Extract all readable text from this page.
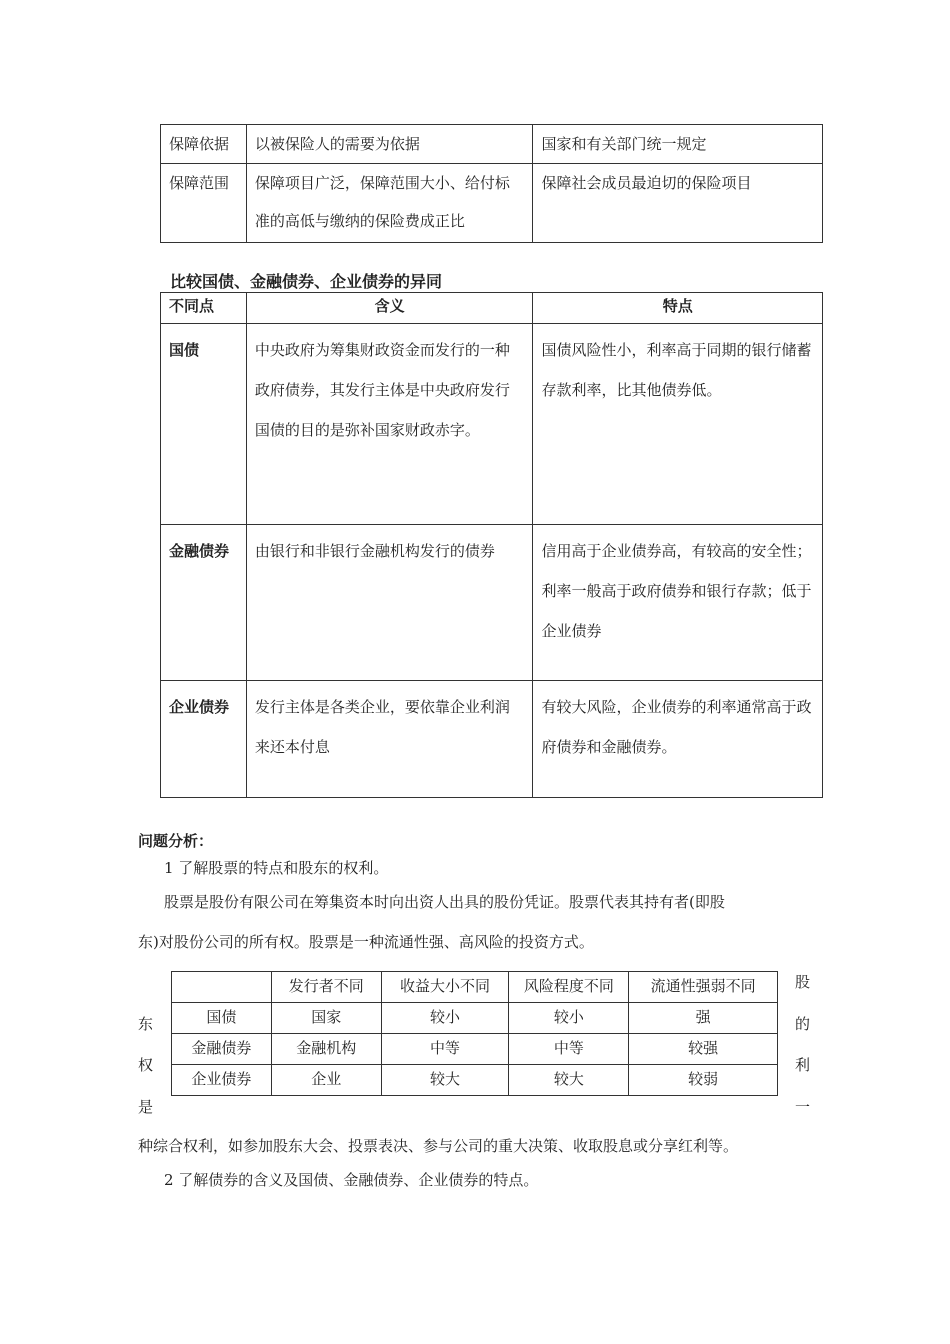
保障依据	以被保险人的需要为依据	国家和有关部门统一规定
保障范围	保障项目广泛，保障范围大小、给付标准的高低与缴纳的保险费成正比	保障社会成员最迫切的保险项目
比较国债、金融债券、企业债券的异同
不同点	含义	特点
国债	中央政府为筹集财政资金而发行的一种政府债券，其发行主体是中央政府发行国债的目的是弥补国家财政赤字。	国债风险性小，利率高于同期的银行储蓄存款利率，比其他债券低。
金融债券	由银行和非银行金融机构发行的债券	信用高于企业债券高，有较高的安全性；利率一般高于政府债券和银行存款；低于企业债券
企业债券	发行主体是各类企业，要依靠企业利润来还本付息	有较大风险，企业债券的利率通常高于政府债券和金融债券。
问题分析：
1 了解股票的特点和股东的权利。
股票是股份有限公司在筹集资本时向出资人出具的股份凭证。股票代表其持有者(即股
东)对股份公司的所有权。股票是一种流通性强、高风险的投资方式。
东
权
是
股
的
利
一
	发行者不同	收益大小不同	风险程度不同	流通性强弱不同
国债	国家	较小	较小	强
金融债券	金融机构	中等	中等	较强
企业债券	企业	较大	较大	较弱
种综合权利，如参加股东大会、投票表决、参与公司的重大决策、收取股息或分享红利等。
2 了解债券的含义及国债、金融债券、企业债券的特点。
